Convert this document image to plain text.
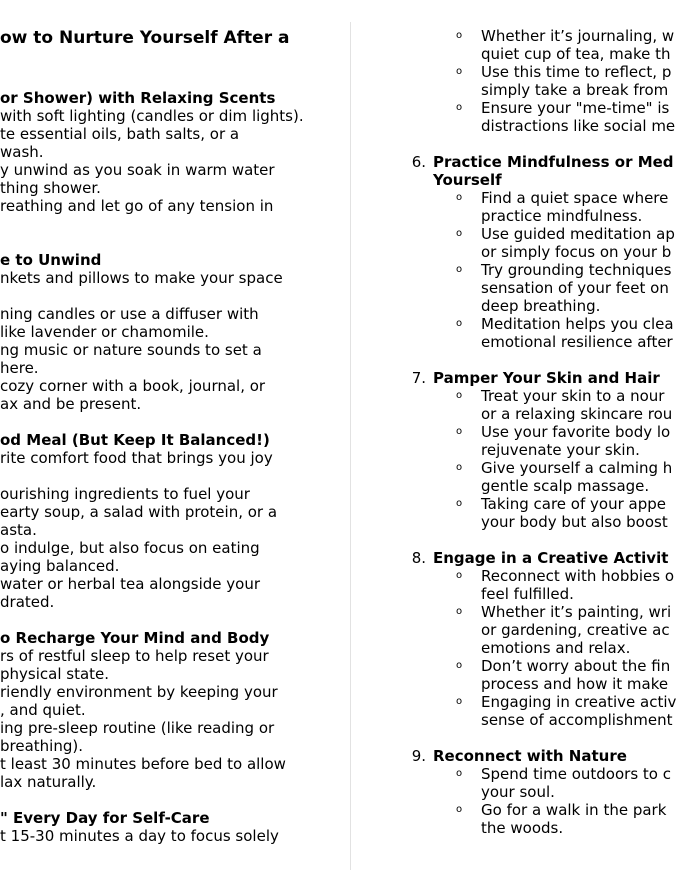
ow to Nurture Yourself After a
or Shower) with Relaxing Scents
with soft lighting (candles or dim lights).
te essential oils, bath salts, or a
wash.
y unwind as you soak in warm water
thing shower.
reathing and let go of any tension in
e to Unwind
nkets and pillows to make your space
ning candles or use a diffuser with
like lavender or chamomile.
ng music or nature sounds to set a
here.
cozy corner with a book, journal, or
ax and be present.
od Meal (But Keep It Balanced!)
rite comfort food that brings you joy
ourishing ingredients to fuel your
earty soup, a salad with protein, or a
asta.
o indulge, but also focus on eating
aying balanced.
water or herbal tea alongside your
drated.
o Recharge Your Mind and Body
rs of restful sleep to help reset your
physical state.
riendly environment by keeping your
, and quiet.
ing pre-sleep routine (like reading or
breathing).
t least 30 minutes before bed to allow
lax naturally.
" Every Day for Self-Care
t 15-30 minutes a day to focus solely
o Whether it’s journaling, w
quiet cup of tea, make th
o Use this time to reflect, p
simply take a break from
o Ensure your "me-time" is
distractions like social me
6. Practice Mindfulness or Med
Yourself
o Find a quiet space where
practice mindfulness.
o Use guided meditation ap
or simply focus on your b
o Try grounding techniques
sensation of your feet on
deep breathing.
o Meditation helps you clea
emotional resilience after
7. Pamper Your Skin and Hair
o Treat your skin to a nour
or a relaxing skincare rou
o Use your favorite body lo
rejuvenate your skin.
o Give yourself a calming h
gentle scalp massage.
o Taking care of your appe
your body but also boost
8. Engage in a Creative Activit
o Reconnect with hobbies o
feel fulfilled.
o Whether it’s painting, wri
or gardening, creative ac
emotions and relax.
o Don’t worry about the fin
process and how it make
o Engaging in creative activ
sense of accomplishment
9. Reconnect with Nature
o Spend time outdoors to c
your soul.
o Go for a walk in the park
the woods.
